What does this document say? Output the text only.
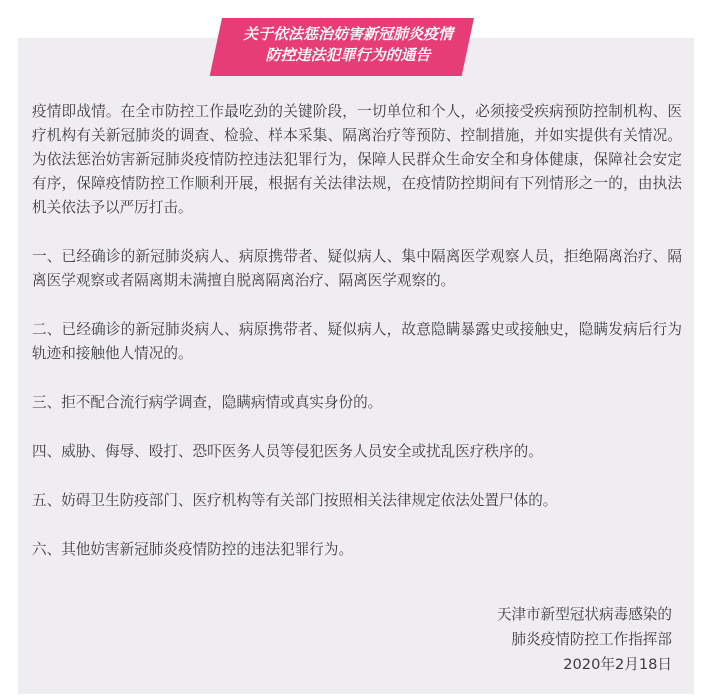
关于依法惩治妨害新冠肺炎疫情
防控违法犯罪行为的通告

疫情即战情。在全市防控工作最吃劲的关键阶段，一切单位和个人，必须接受疾病预防控制机构、医疗机构有关新冠肺炎的调查、检验、样本采集、隔离治疗等预防、控制措施，并如实提供有关情况。为依法惩治妨害新冠肺炎疫情防控违法犯罪行为，保障人民群众生命安全和身体健康，保障社会安定有序，保障疫情防控工作顺利开展，根据有关法律法规，在疫情防控期间有下列情形之一的，由执法机关依法予以严厉打击。

一、已经确诊的新冠肺炎病人、病原携带者、疑似病人、集中隔离医学观察人员，拒绝隔离治疗、隔离医学观察或者隔离期未满擅自脱离隔离治疗、隔离医学观察的。

二、已经确诊的新冠肺炎病人、病原携带者、疑似病人，故意隐瞒暴露史或接触史，隐瞒发病后行为轨迹和接触他人情况的。

三、拒不配合流行病学调查，隐瞒病情或真实身份的。

四、威胁、侮辱、殴打、恐吓医务人员等侵犯医务人员安全或扰乱医疗秩序的。

五、妨碍卫生防疫部门、医疗机构等有关部门按照相关法律规定依法处置尸体的。

六、其他妨害新冠肺炎疫情防控的违法犯罪行为。

天津市新型冠状病毒感染的
肺炎疫情防控工作指挥部
2020年2月18日
